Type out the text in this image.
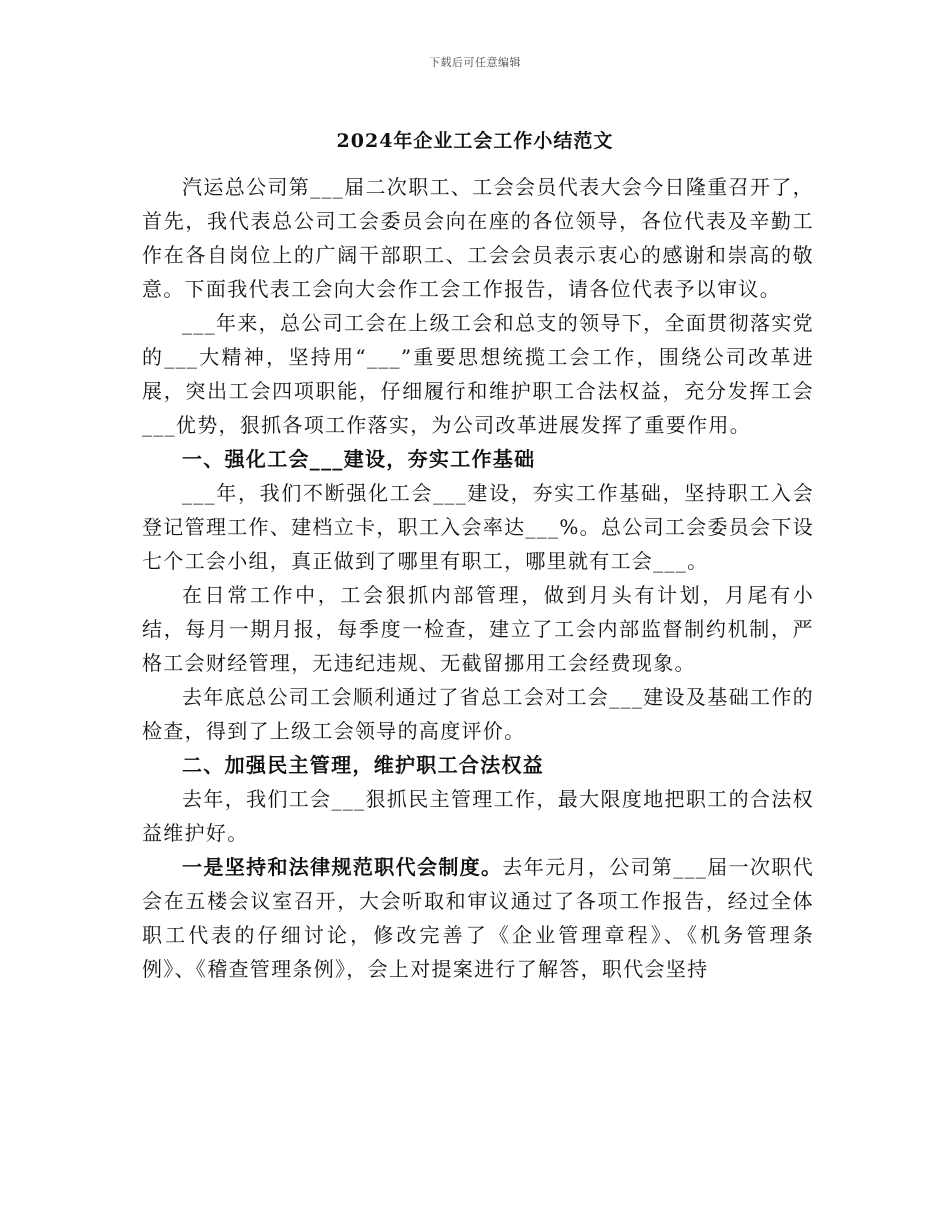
下载后可任意编辑
2024年企业工会工作小结范文

汽运总公司第___届二次职工、工会会员代表大会今日隆重召开了，首先，我代表总公司工会委员会向在座的各位领导，各位代表及辛勤工作在各自岗位上的广阔干部职工、工会会员表示衷心的感谢和崇高的敬意。下面我代表工会向大会作工会工作报告，请各位代表予以审议。

___年来，总公司工会在上级工会和总支的领导下，全面贯彻落实党的___大精神，坚持用“___”重要思想统揽工会工作，围绕公司改革进展，突出工会四项职能，仔细履行和维护职工合法权益，充分发挥工会___优势，狠抓各项工作落实，为公司改革进展发挥了重要作用。

一、强化工会___建设，夯实工作基础

___年，我们不断强化工会___建设，夯实工作基础，坚持职工入会登记管理工作、建档立卡，职工入会率达___%。总公司工会委员会下设七个工会小组，真正做到了哪里有职工，哪里就有工会___。

在日常工作中，工会狠抓内部管理，做到月头有计划，月尾有小结，每月一期月报，每季度一检查，建立了工会内部监督制约机制，严格工会财经管理，无违纪违规、无截留挪用工会经费现象。

去年底总公司工会顺利通过了省总工会对工会___建设及基础工作的检查，得到了上级工会领导的高度评价。

二、加强民主管理，维护职工合法权益

去年，我们工会___狠抓民主管理工作，最大限度地把职工的合法权益维护好。

一是坚持和法律规范职代会制度。去年元月，公司第___届一次职代会在五楼会议室召开，大会听取和审议通过了各项工作报告，经过全体职工代表的仔细讨论，修改完善了《企业管理章程》、《机务管理条例》、《稽查管理条例》，会上对提案进行了解答，职代会坚持
